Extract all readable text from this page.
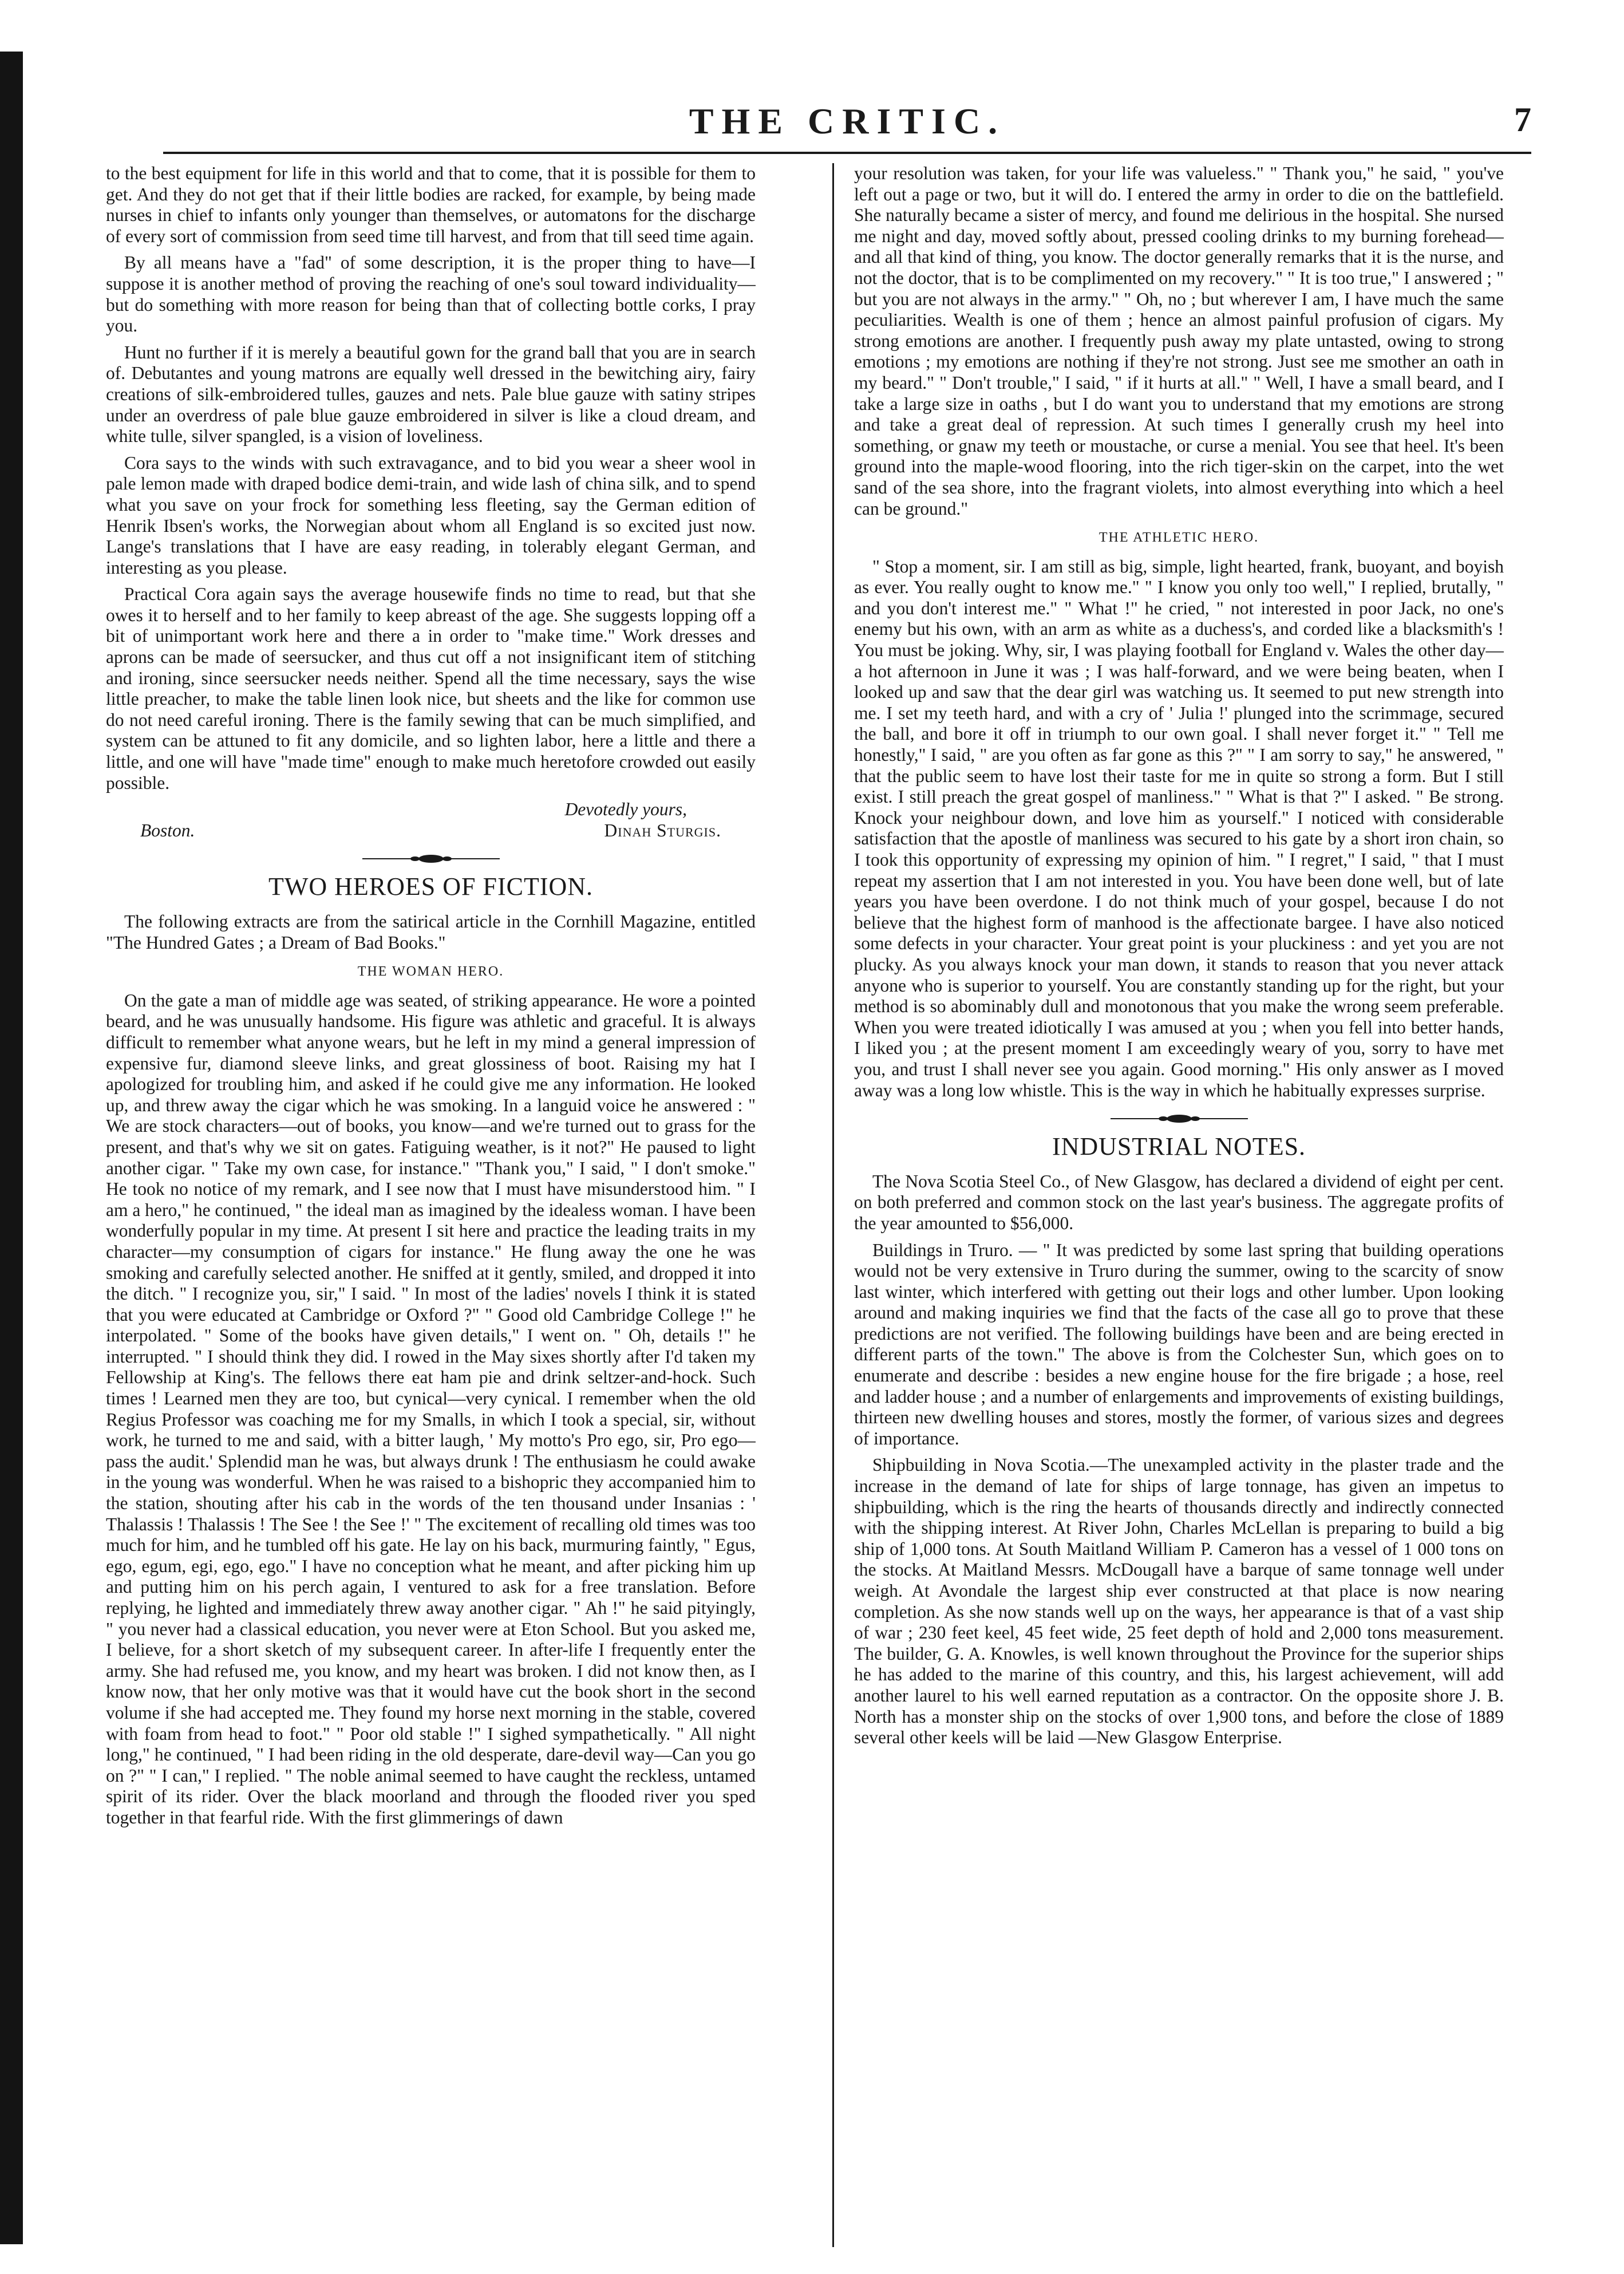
THE CRITIC.	7

to the best equipment for life in this world and that to come, that it is possible for them to get. And they do not get that if their little bodies are racked, for example, by being made nurses in chief to infants only younger than themselves, or automatons for the discharge of every sort of commission from seed time till harvest, and from that till seed time again.

By all means have a "fad" of some description, it is the proper thing to have—I suppose it is another method of proving the reaching of one's soul toward individuality—but do something with more reason for being than that of collecting bottle corks, I pray you.

Hunt no further if it is merely a beautiful gown for the grand ball that you are in search of. Debutantes and young matrons are equally well dressed in the bewitching airy, fairy creations of silk-embroidered tulles, gauzes and nets. Pale blue gauze with satiny stripes under an overdress of pale blue gauze embroidered in silver is like a cloud dream, and white tulle, silver spangled, is a vision of loveliness.

Cora says to the winds with such extravagance, and to bid you wear a sheer wool in pale lemon made with draped bodice demi-train, and wide lash of china silk, and to spend what you save on your frock for something less fleeting, say the German edition of Henrik Ibsen's works, the Norwegian about whom all England is so excited just now. Lange's translations that I have are easy reading, in tolerably elegant German, and interesting as you please.

Practical Cora again says the average housewife finds no time to read, but that she owes it to herself and to her family to keep abreast of the age. She suggests lopping off a bit of unimportant work here and there a in order to "make time." Work dresses and aprons can be made of seersucker, and thus cut off a not insignificant item of stitching and ironing, since seersucker needs neither. Spend all the time necessary, says the wise little preacher, to make the table linen look nice, but sheets and the like for common use do not need careful ironing. There is the family sewing that can be much simplified, and system can be attuned to fit any domicile, and so lighten labor, here a little and there a little, and one will have "made time" enough to make much heretofore crowded out easily possible.

Devotedly yours,
Boston.	Dinah Sturgis.
TWO HEROES OF FICTION.

The following extracts are from the satirical article in the Cornhill Magazine, entitled "The Hundred Gates ; a Dream of Bad Books."

THE WOMAN HERO.

On the gate a man of middle age was seated, of striking appearance. He wore a pointed beard, and he was unusually handsome. His figure was athletic and graceful. It is always difficult to remember what anyone wears, but he left in my mind a general impression of expensive fur, diamond sleeve links, and great glossiness of boot. Raising my hat I apologized for troubling him, and asked if he could give me any information. He looked up, and threw away the cigar which he was smoking. In a languid voice he answered : " We are stock characters—out of books, you know—and we're turned out to grass for the present, and that's why we sit on gates. Fatiguing weather, is it not?" He paused to light another cigar. " Take my own case, for instance." "Thank you," I said, " I don't smoke." He took no notice of my remark, and I see now that I must have misunderstood him. " I am a hero," he continued, " the ideal man as imagined by the idealess woman. I have been wonderfully popular in my time. At present I sit here and practice the leading traits in my character—my consumption of cigars for instance." He flung away the one he was smoking and carefully selected another. He sniffed at it gently, smiled, and dropped it into the ditch. " I recognize you, sir," I said. " In most of the ladies' novels I think it is stated that you were educated at Cambridge or Oxford ?" " Good old Cambridge College !" he interpolated. " Some of the books have given details," I went on. " Oh, details !" he interrupted. " I should think they did. I rowed in the May sixes shortly after I'd taken my Fellowship at King's. The fellows there eat ham pie and drink seltzer-and-hock. Such times ! Learned men they are too, but cynical—very cynical. I remember when the old Regius Professor was coaching me for my Smalls, in which I took a special, sir, without work, he turned to me and said, with a bitter laugh, ' My motto's Pro ego, sir, Pro ego—pass the audit.' Splendid man he was, but always drunk ! The enthusiasm he could awake in the young was wonderful. When he was raised to a bishopric they accompanied him to the station, shouting after his cab in the words of the ten thousand under Insanias : ' Thalassis ! Thalassis ! The See ! the See !' " The excitement of recalling old times was too much for him, and he tumbled off his gate. He lay on his back, murmuring faintly, " Egus, ego, egum, egi, ego, ego." I have no conception what he meant, and after picking him up and putting him on his perch again, I ventured to ask for a free translation. Before replying, he lighted and immediately threw away another cigar. " Ah !" he said pityingly, " you never had a classical education, you never were at Eton School. But you asked me, I believe, for a short sketch of my subsequent career. In after-life I frequently enter the army. She had refused me, you know, and my heart was broken. I did not know then, as I know now, that her only motive was that it would have cut the book short in the second volume if she had accepted me. They found my horse next morning in the stable, covered with foam from head to foot." " Poor old stable !" I sighed sympathetically. " All night long," he continued, " I had been riding in the old desperate, dare-devil way—Can you go on ?" " I can," I replied. " The noble animal seemed to have caught the reckless, untamed spirit of its rider. Over the black moorland and through the flooded river you sped together in that fearful ride. With the first glimmerings of dawn

your resolution was taken, for your life was valueless." " Thank you," he said, " you've left out a page or two, but it will do. I entered the army in order to die on the battlefield. She naturally became a sister of mercy, and found me delirious in the hospital. She nursed me night and day, moved softly about, pressed cooling drinks to my burning forehead—and all that kind of thing, you know. The doctor generally remarks that it is the nurse, and not the doctor, that is to be complimented on my recovery." " It is too true," I answered ; " but you are not always in the army." " Oh, no ; but wherever I am, I have much the same peculiarities. Wealth is one of them ; hence an almost painful profusion of cigars. My strong emotions are another. I frequently push away my plate untasted, owing to strong emotions ; my emotions are nothing if they're not strong. Just see me smother an oath in my beard." " Don't trouble," I said, " if it hurts at all." " Well, I have a small beard, and I take a large size in oaths , but I do want you to understand that my emotions are strong and take a great deal of repression. At such times I generally crush my heel into something, or gnaw my teeth or moustache, or curse a menial. You see that heel. It's been ground into the maple-wood flooring, into the rich tiger-skin on the carpet, into the wet sand of the sea shore, into the fragrant violets, into almost everything into which a heel can be ground."

THE ATHLETIC HERO.

" Stop a moment, sir. I am still as big, simple, light hearted, frank, buoyant, and boyish as ever. You really ought to know me." " I know you only too well," I replied, brutally, " and you don't interest me." " What !" he cried, " not interested in poor Jack, no one's enemy but his own, with an arm as white as a duchess's, and corded like a blacksmith's ! You must be joking. Why, sir, I was playing football for England v. Wales the other day—a hot afternoon in June it was ; I was half-forward, and we were being beaten, when I looked up and saw that the dear girl was watching us. It seemed to put new strength into me. I set my teeth hard, and with a cry of ' Julia !' plunged into the scrimmage, secured the ball, and bore it off in triumph to our own goal. I shall never forget it." " Tell me honestly," I said, " are you often as far gone as this ?" " I am sorry to say," he answered, " that the public seem to have lost their taste for me in quite so strong a form. But I still exist. I still preach the great gospel of manliness." " What is that ?" I asked. " Be strong. Knock your neighbour down, and love him as yourself." I noticed with considerable satisfaction that the apostle of manliness was secured to his gate by a short iron chain, so I took this opportunity of expressing my opinion of him. " I regret," I said, " that I must repeat my assertion that I am not interested in you. You have been done well, but of late years you have been overdone. I do not think much of your gospel, because I do not believe that the highest form of manhood is the affectionate bargee. I have also noticed some defects in your character. Your great point is your pluckiness : and yet you are not plucky. As you always knock your man down, it stands to reason that you never attack anyone who is superior to yourself. You are constantly standing up for the right, but your method is so abominably dull and monotonous that you make the wrong seem preferable. When you were treated idiotically I was amused at you ; when you fell into better hands, I liked you ; at the present moment I am exceedingly weary of you, sorry to have met you, and trust I shall never see you again. Good morning." His only answer as I moved away was a long low whistle. This is the way in which he habitually expresses surprise.

INDUSTRIAL NOTES.

The Nova Scotia Steel Co., of New Glasgow, has declared a dividend of eight per cent. on both preferred and common stock on the last year's business. The aggregate profits of the year amounted to $56,000.

Buildings in Truro. — " It was predicted by some last spring that building operations would not be very extensive in Truro during the summer, owing to the scarcity of snow last winter, which interfered with getting out their logs and other lumber. Upon looking around and making inquiries we find that the facts of the case all go to prove that these predictions are not verified. The following buildings have been and are being erected in different parts of the town." The above is from the Colchester Sun, which goes on to enumerate and describe : besides a new engine house for the fire brigade ; a hose, reel and ladder house ; and a number of enlargements and improvements of existing buildings, thirteen new dwelling houses and stores, mostly the former, of various sizes and degrees of importance.

Shipbuilding in Nova Scotia.—The unexampled activity in the plaster trade and the increase in the demand of late for ships of large tonnage, has given an impetus to shipbuilding, which is the ring the hearts of thousands directly and indirectly connected with the shipping interest. At River John, Charles McLellan is preparing to build a big ship of 1,000 tons. At South Maitland William P. Cameron has a vessel of 1 000 tons on the stocks. At Maitland Messrs. McDougall have a barque of same tonnage well under weigh. At Avondale the largest ship ever constructed at that place is now nearing completion. As she now stands well up on the ways, her appearance is that of a vast ship of war ; 230 feet keel, 45 feet wide, 25 feet depth of hold and 2,000 tons measurement. The builder, G. A. Knowles, is well known throughout the Province for the superior ships he has added to the marine of this country, and this, his largest achievement, will add another laurel to his well earned reputation as a contractor. On the opposite shore J. B. North has a monster ship on the stocks of over 1,900 tons, and before the close of 1889 several other keels will be laid —New Glasgow Enterprise.
